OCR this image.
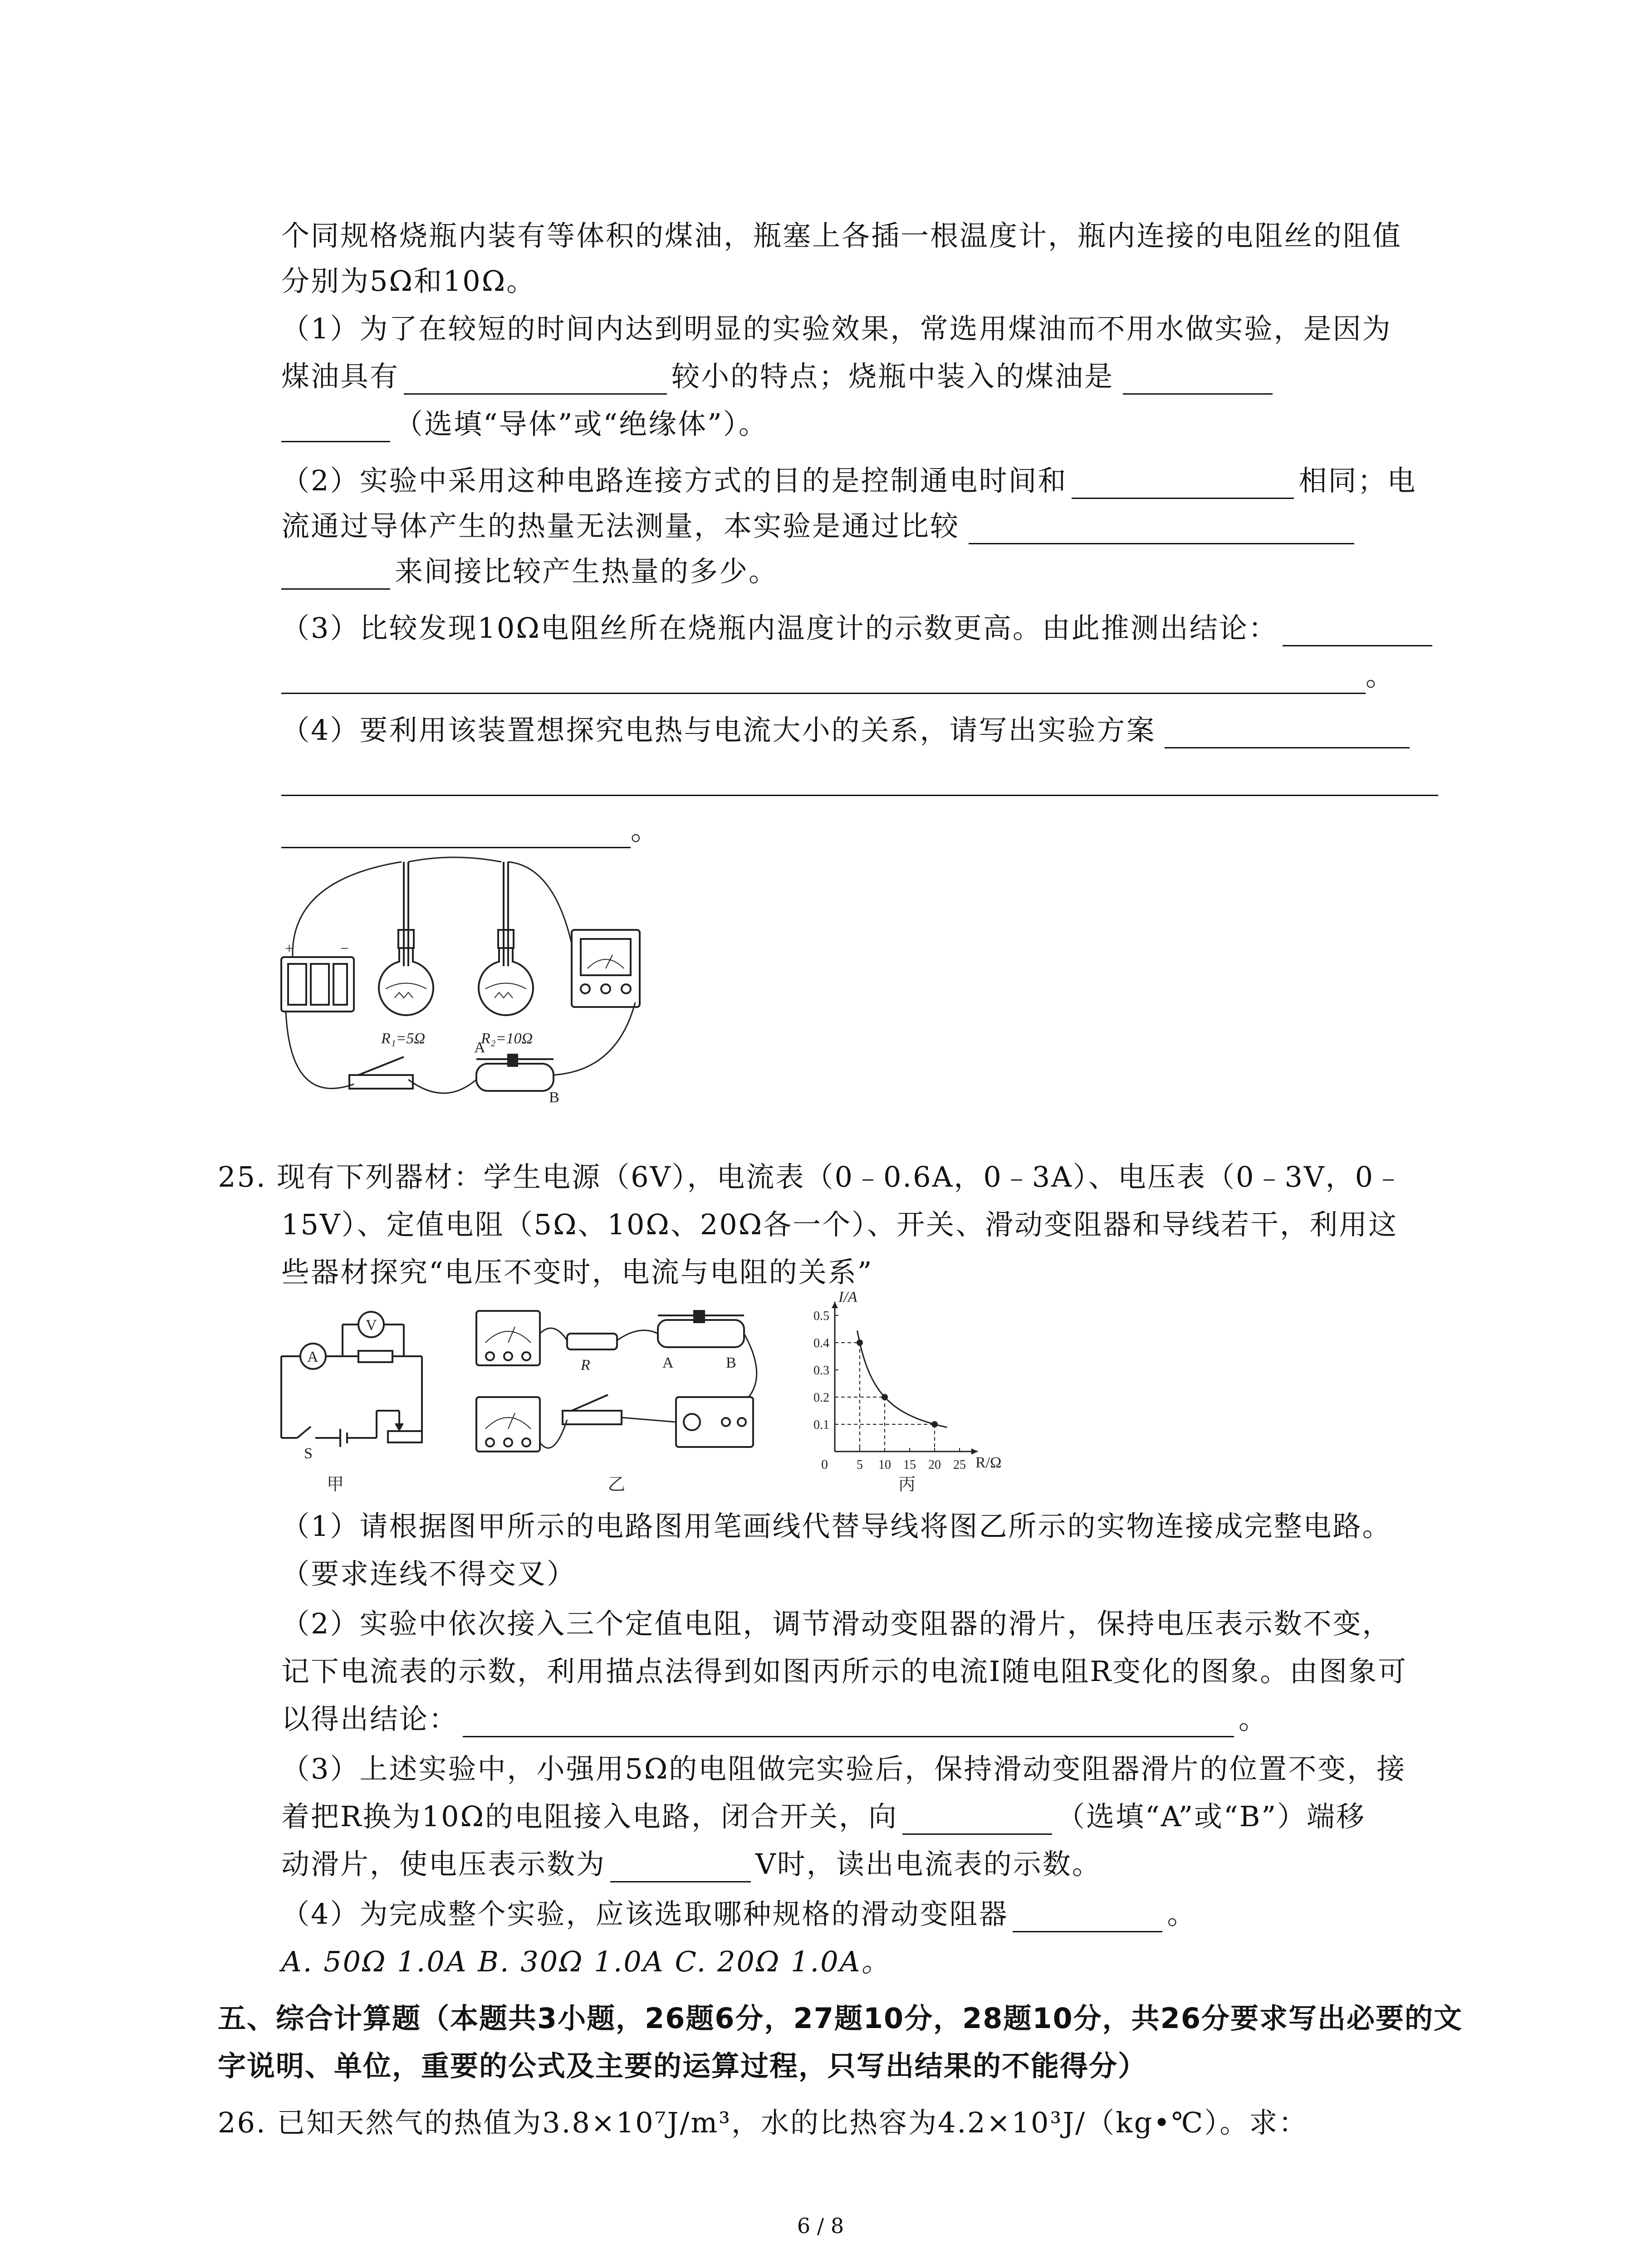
个同规格烧瓶内装有等体积的煤油，瓶塞上各插一根温度计，瓶内连接的电阻丝的阻值
分别为5Ω和10Ω。
（1）为了在较短的时间内达到明显的实验效果，常选用煤油而不用水做实验，是因为
煤油具有	较小的特点；烧瓶中装入的煤油是
（选填“导体”或“绝缘体”）。
（2）实验中采用这种电路连接方式的目的是控制通电时间和	相同；电
流通过导体产生的热量无法测量，本实验是通过比较
来间接比较产生热量的多少。
（3）比较发现10Ω电阻丝所在烧瓶内温度计的示数更高。由此推测出结论：
。
（4）要利用该装置想探究电热与电流大小的关系，请写出实验方案
。
+	−
R₁=5Ω	R₂=10Ω
A
B
25. 现有下列器材：学生电源（6V），电流表（0﹣0.6A，0﹣3A）、电压表（0﹣3V，0﹣
15V）、定值电阻（5Ω、10Ω、20Ω各一个）、开关、滑动变阻器和导线若干，利用这
些器材探究“电压不变时，电流与电阻的关系”
A
V
S
甲
R	A	B
乙
0
0.1
0.2
0.3
0.4
0.5
5 10 15 20 25
I/A
R/Ω
丙
（1）请根据图甲所示的电路图用笔画线代替导线将图乙所示的实物连接成完整电路。
（要求连线不得交叉）
（2）实验中依次接入三个定值电阻，调节滑动变阻器的滑片，保持电压表示数不变，
记下电流表的示数，利用描点法得到如图丙所示的电流I随电阻R变化的图象。由图象可
以得出结论：	。
（3）上述实验中，小强用5Ω的电阻做完实验后，保持滑动变阻器滑片的位置不变，接
着把R换为10Ω的电阻接入电路，闭合开关，向	（选填“A”或“B”）端移
动滑片，使电压表示数为	V时，读出电流表的示数。
（4）为完成整个实验，应该选取哪种规格的滑动变阻器	。
A. 50Ω 1.0A B. 30Ω 1.0A C. 20Ω 1.0A。
五、综合计算题（本题共3小题，26题6分，27题10分，28题10分，共26分要求写出必要的文
字说明、单位，重要的公式及主要的运算过程，只写出结果的不能得分）
26. 已知天然气的热值为3.8×10⁷J/m³，水的比热容为4.2×10³J/（kg•℃）。求：
6 / 8
